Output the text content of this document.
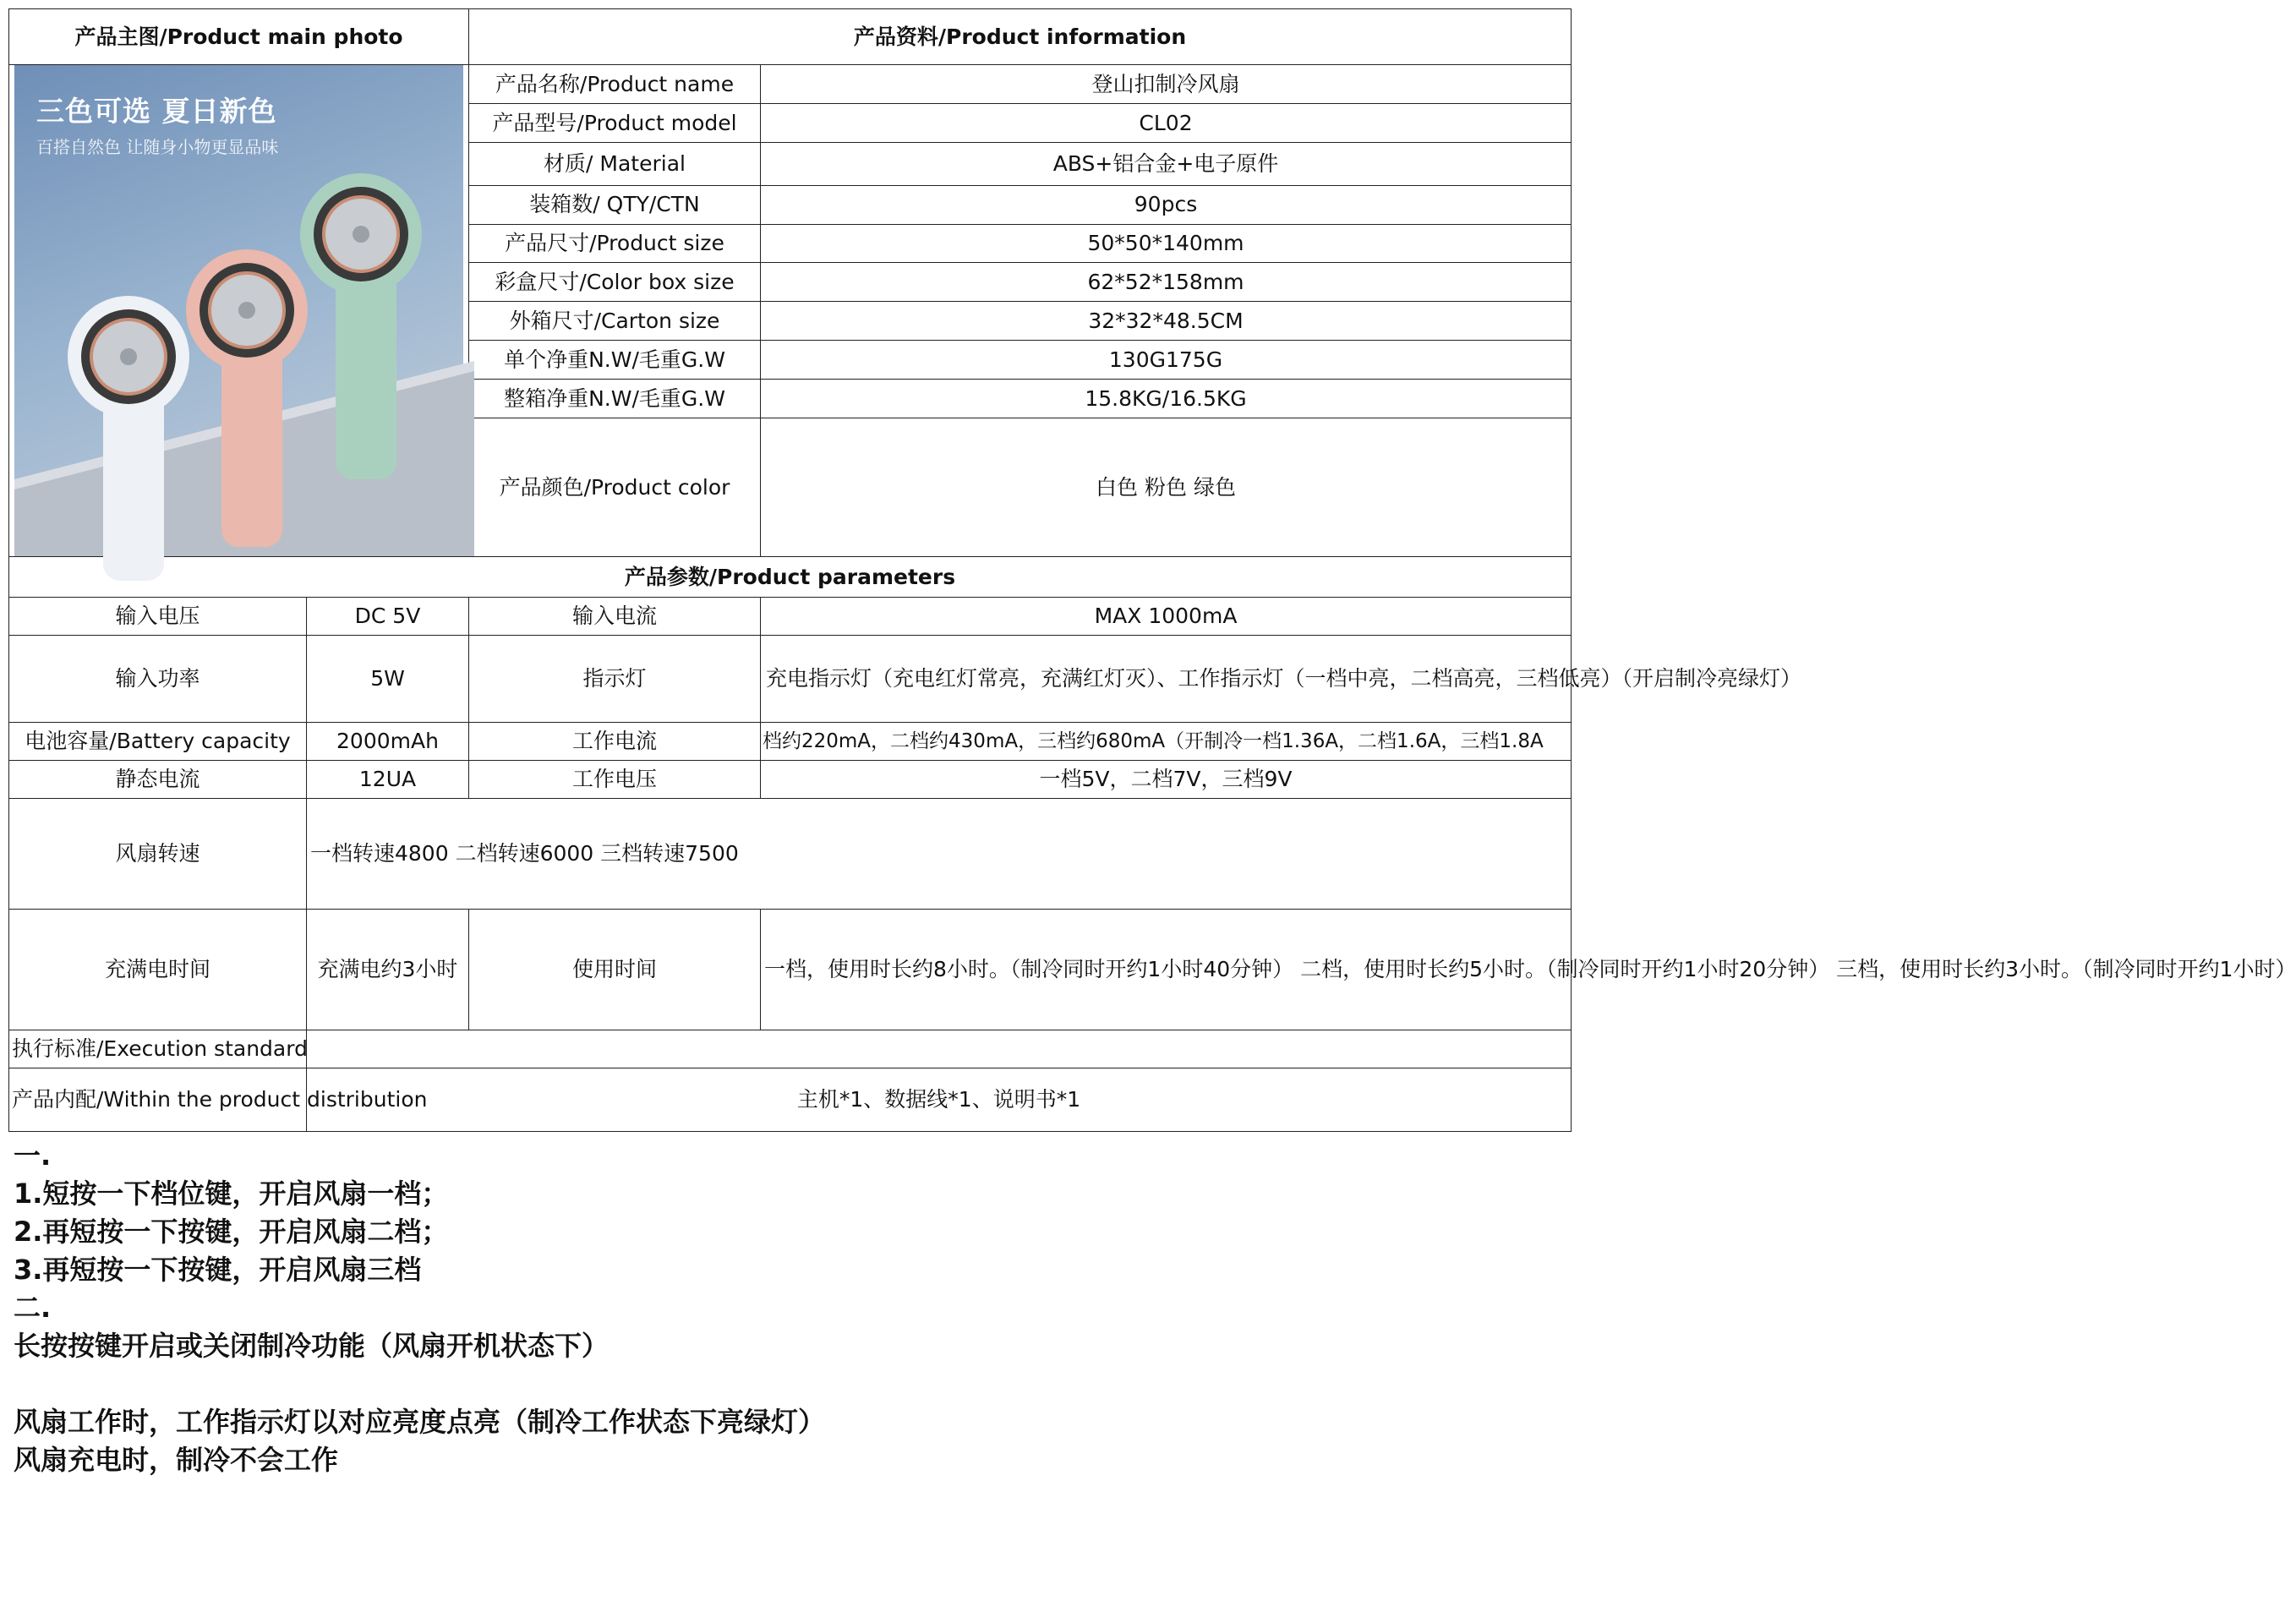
产品主图/Product main photo		产品资料/Product information	

三色可选 夏日新色
百搭自然色 让随身小物更显品味		产品名称/Product name	登山扣制冷风扇
		产品型号/Product model	CL02
		材质/ Material	ABS+铝合金+电子原件
		装箱数/ QTY/CTN	90pcs
		产品尺寸/Product size	50*50*140mm
		彩盒尺寸/Color box size	62*52*158mm
		外箱尺寸/Carton size	32*32*48.5CM
		单个净重N.W/毛重G.W	130G175G
		整箱净重N.W/毛重G.W	15.8KG/16.5KG
		产品颜色/Product color	白色 粉色 绿色
产品参数/Product parameters			
输入电压	DC 5V	输入电流	MAX 1000mA
输入功率	5W	指示灯	充电指示灯（充电红灯常亮，充满红灯灭）、工作指示灯（一档中亮，二档高亮，三档低亮）（开启制冷亮绿灯）
电池容量/Battery capacity	2000mAh	工作电流	档约220mA，二档约430mA，三档约680mA（开制冷一档1.36A，二档1.6A，三档1.8A
静态电流	12UA	工作电压	一档5V，二档7V，三档9V
风扇转速	一档转速4800 二档转速6000 三档转速7500		
充满电时间	充满电约3小时	使用时间	一档，使用时长约8小时。（制冷同时开约1小时40分钟） 二档，使用时长约5小时。（制冷同时开约1小时20分钟） 三档，使用时长约3小时。（制冷同时开约1小时）
执行标准/Execution standard			
产品内配/Within the product distribution	主机*1、数据线*1、说明书*1		
一.
1.短按一下档位键，开启风扇一档；
2.再短按一下按键，开启风扇二档；
3.再短按一下按键，开启风扇三档
二.
长按按键开启或关闭制冷功能（风扇开机状态下）
风扇工作时，工作指示灯以对应亮度点亮（制冷工作状态下亮绿灯）
风扇充电时，制冷不会工作
